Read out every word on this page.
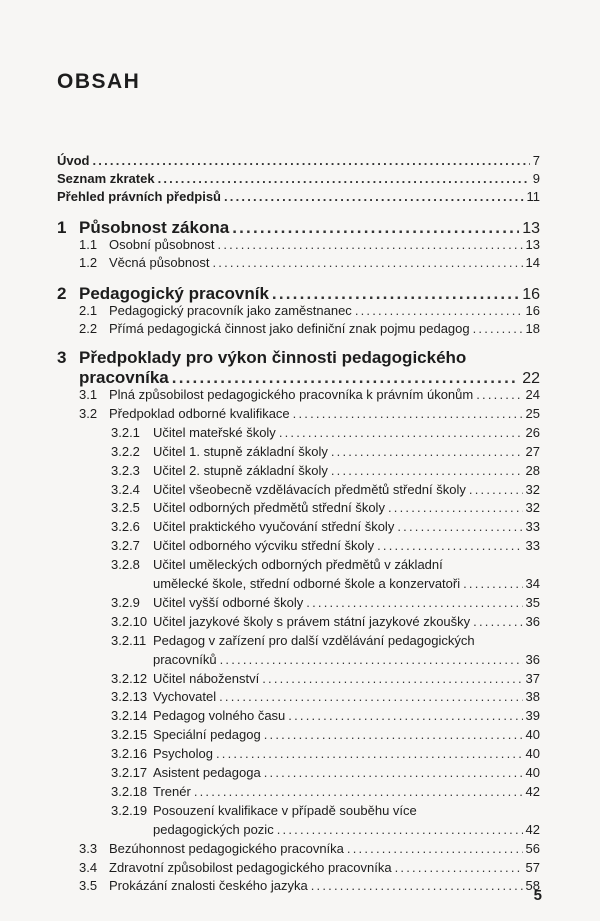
OBSAH
Úvod .....	7
Seznam zkratek .....	9
Přehled právních předpisů .....	11
1 Působnost zákona .....	13
1.1 Osobní působnost .....	13
1.2 Věcná působnost .....	14
2 Pedagogický pracovník .....	16
2.1 Pedagogický pracovník jako zaměstnanec .....	16
2.2 Přímá pedagogická činnost jako definiční znak pojmu pedagog .....	18
3 Předpoklady pro výkon činnosti pedagogického
pracovníka .....	22
3.1 Plná způsobilost pedagogického pracovníka k právním úkonům .....	24
3.2 Předpoklad odborné kvalifikace .....	25
3.2.1	Učitel mateřské školy .....	26
3.2.2	Učitel 1. stupně základní školy .....	27
3.2.3	Učitel 2. stupně základní školy .....	28
3.2.4	Učitel všeobecně vzdělávacích předmětů střední školy .....	32
3.2.5	Učitel odborných předmětů střední školy .....	32
3.2.6	Učitel praktického vyučování střední školy .....	33
3.2.7	Učitel odborného výcviku střední školy .....	33
3.2.8	Učitel uměleckých odborných předmětů v základní
umělecké škole, střední odborné škole a konzervatoři .....	34
3.2.9	Učitel vyšší odborné školy .....	35
3.2.10 Učitel jazykové školy s právem státní jazykové zkoušky .....	36
3.2.11 Pedagog v zařízení pro další vzdělávání pedagogických
pracovníků .....	36
3.2.12 Učitel náboženství .....	37
3.2.13 Vychovatel .....	38
3.2.14 Pedagog volného času .....	39
3.2.15 Speciální pedagog .....	40
3.2.16 Psycholog .....	40
3.2.17 Asistent pedagoga .....	40
3.2.18 Trenér .....	42
3.2.19 Posouzení kvalifikace v případě souběhu více
pedagogických pozic .....	42
3.3 Bezúhonnost pedagogického pracovníka .....	56
3.4 Zdravotní způsobilost pedagogického pracovníka .....	57
3.5 Prokázání znalosti českého jazyka .....	58
5
